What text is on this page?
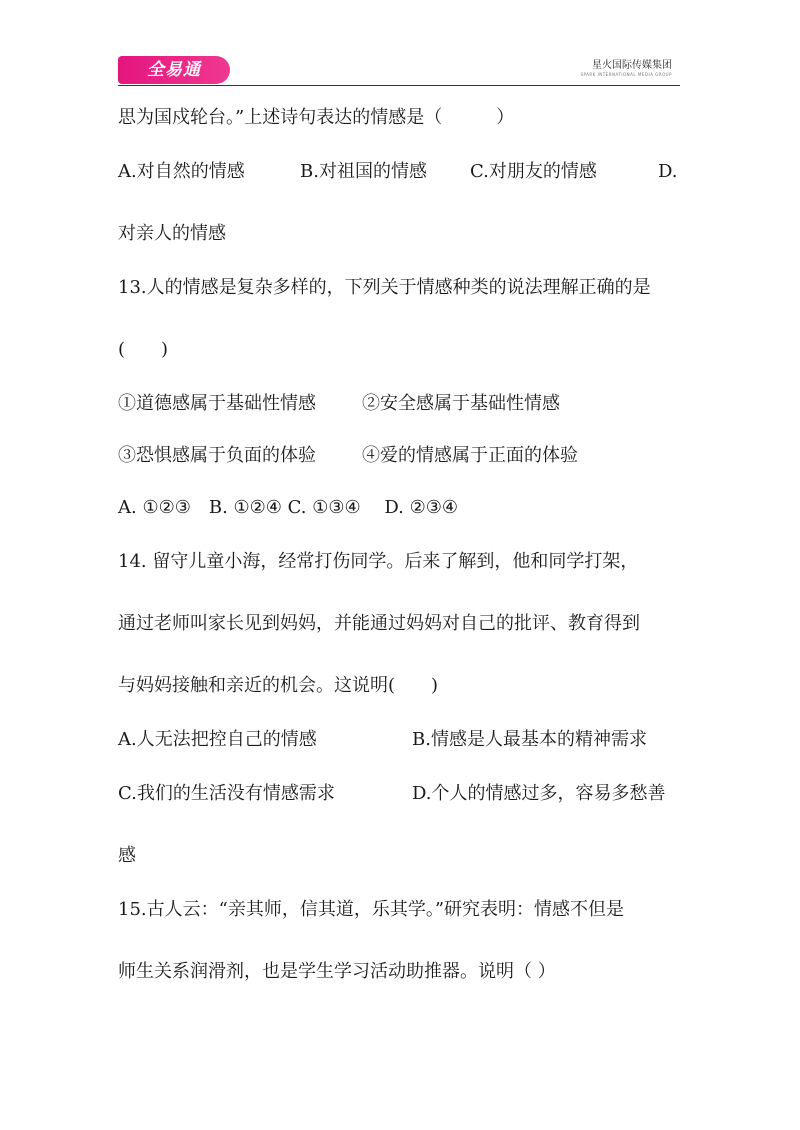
全易通	星火国际传媒集团
SPARK INTERNATIONAL MEDIA GROUP
思为国戍轮台。”上述诗句表达的情感是（　　　）
A.对自然的情感	B.对祖国的情感 C.对朋友的情感	D.
对亲人的情感
13.人的情感是复杂多样的，下列关于情感种类的说法理解正确的是
(　　)
①道德感属于基础性情感	②安全感属于基础性情感
③恐惧感属于负面的体验	④爱的情感属于正面的体验
A. ①②③　B. ①②④ C. ①③④　 D. ②③④
14. 留守儿童小海，经常打伤同学。后来了解到，他和同学打架，
通过老师叫家长见到妈妈，并能通过妈妈对自己的批评、教育得到
与妈妈接触和亲近的机会。这说明(　　)
A.人无法把控自己的情感	B.情感是人最基本的精神需求
C.我们的生活没有情感需求	D.个人的情感过多，容易多愁善
感
15.古人云：“亲其师，信其道，乐其学。”研究表明：情感不但是
师生关系润滑剂，也是学生学习活动助推器。说明（ ）
